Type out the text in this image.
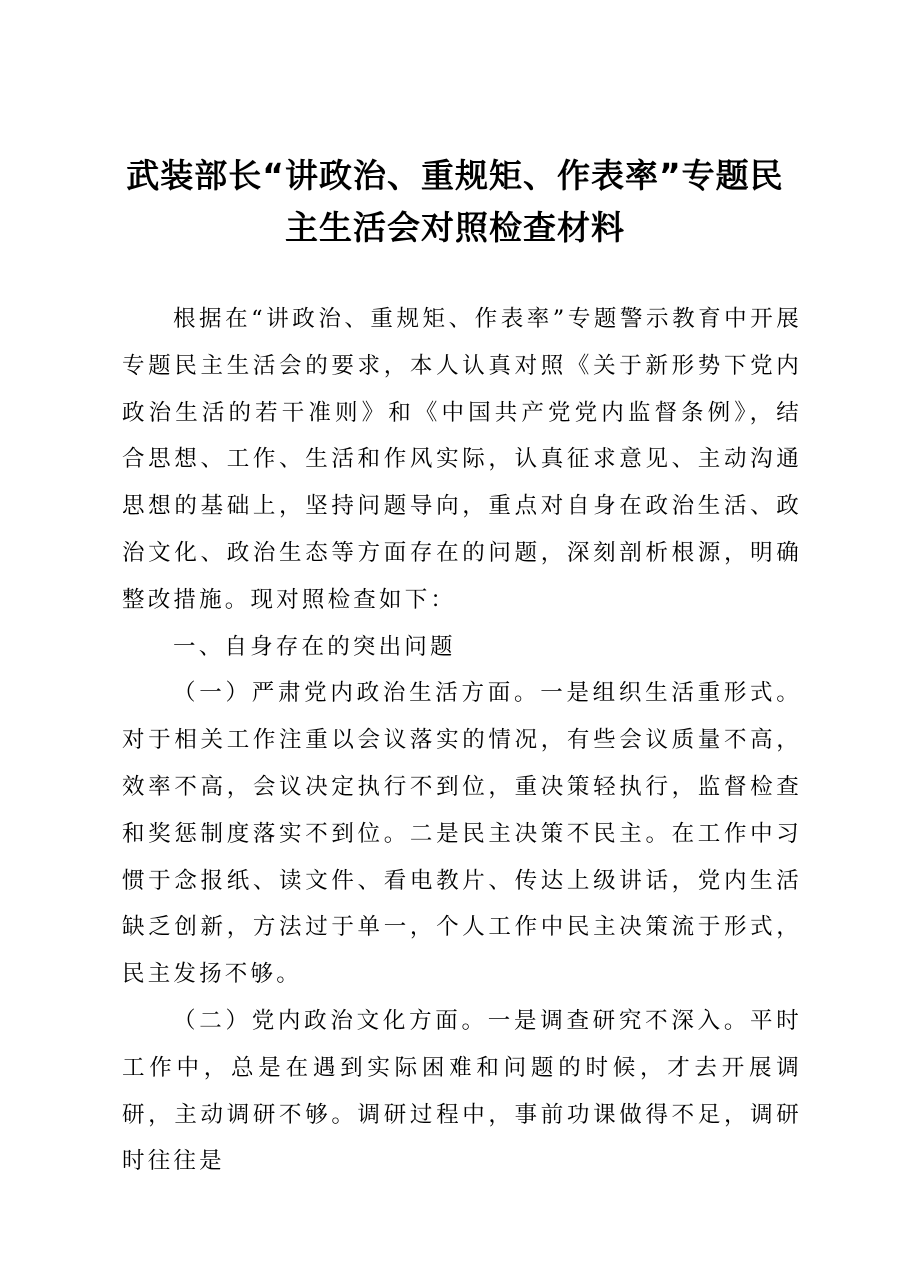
武装部长“讲政治、重规矩、作表率”专题民
主生活会对照检查材料

根据在“讲政治、重规矩、作表率”专题警示教育中开展专题民主生活会的要求，本人认真对照《关于新形势下党内政治生活的若干准则》和《中国共产党党内监督条例》，结合思想、工作、生活和作风实际，认真征求意见、主动沟通思想的基础上，坚持问题导向，重点对自身在政治生活、政治文化、政治生态等方面存在的问题，深刻剖析根源，明确整改措施。现对照检查如下：

一、自身存在的突出问题

（一）严肃党内政治生活方面。一是组织生活重形式。对于相关工作注重以会议落实的情况，有些会议质量不高，效率不高，会议决定执行不到位，重决策轻执行，监督检查和奖惩制度落实不到位。二是民主决策不民主。在工作中习惯于念报纸、读文件、看电教片、传达上级讲话，党内生活缺乏创新，方法过于单一，个人工作中民主决策流于形式，民主发扬不够。

（二）党内政治文化方面。一是调查研究不深入。平时工作中，总是在遇到实际困难和问题的时候，才去开展调研，主动调研不够。调研过程中，事前功课做得不足，调研时往往是
